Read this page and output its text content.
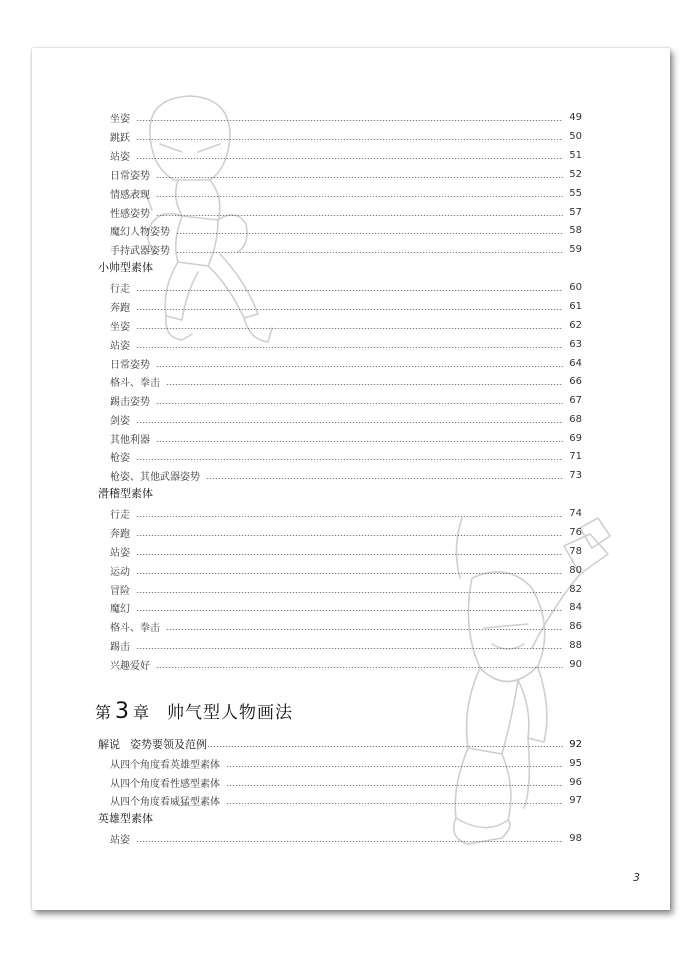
坐姿	49
跳跃	50
站姿	51
日常姿势	52
情感表现	55
性感姿势	57
魔幻人物姿势	58
手持武器姿势	59
小帅型素体
行走	60
奔跑	61
坐姿	62
站姿	63
日常姿势	64
格斗、拳击	66
踢击姿势	67
剑姿	68
其他利器	69
枪姿	71
枪姿、其他武器姿势	73
滑稽型素体
行走	74
奔跑	76
站姿	78
运动	80
冒险	82
魔幻	84
格斗、拳击	86
踢击	88
兴趣爱好	90
第 3 章 帅气型人物画法
解说 姿势要领及范例	92
从四个角度看英雄型素体	95
从四个角度看性感型素体	96
从四个角度看威猛型素体	97
英雄型素体
站姿	98
3
